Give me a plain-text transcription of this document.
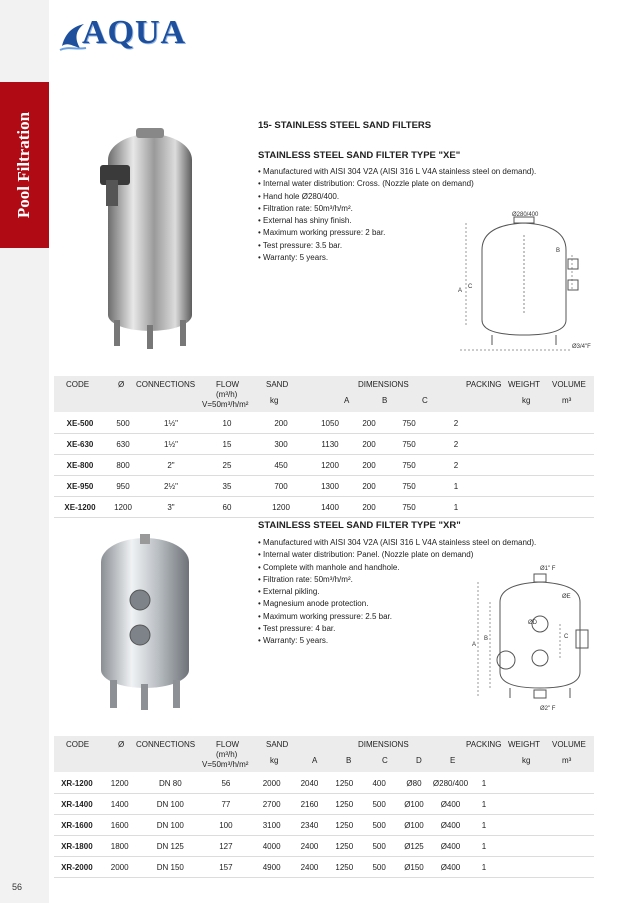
Pool Filtration
56
AQUA
15- STAINLESS STEEL SAND FILTERS
STAINLESS STEEL SAND FILTER TYPE "XE"
• Manufactured with AISI 304 V2A (AISI 316 L V4A stainless steel on demand).
• Internal water distribution: Cross. (Nozzle plate on demand)
• Hand hole Ø280/400.
• Filtration rate: 50m³/h/m².
• External has shiny finish.
• Maximum working pressure: 2 bar.
• Test pressure: 3.5 bar.
• Warranty: 5 years.
Ø280/400
Ø3/4"F
A
B
C
CODE	Ø CONNECTIONS	FLOW
(m³/h)
V=50m³/h/m²
SAND
kg
DIMENSIONS
A	B	C
PACKING WEIGHT
kg
VOLUME
m³
XE-500	500	1½"	10	200	1050	200	750	2	
XE-630	630	1½"	15	300	1130	200	750	2	
XE-800	800	2"	25	450	1200	200	750	2	
XE-950	950	2½"	35	700	1300	200	750	1	
XE-1200	1200	3"	60	1200	1400	200	750	1	
STAINLESS STEEL SAND FILTER TYPE "XR"
• Manufactured with AISI 304 V2A (AISI 316 L V4A stainless steel on demand).
• Internal water distribution: Panel. (Nozzle plate on demand)
• Complete with manhole and handhole.
• Filtration rate: 50m³/h/m².
• External pikling.
• Magnesium anode protection.
• Maximum working pressure: 2.5 bar.
• Test pressure: 4 bar.
• Warranty: 5 years.
Ø1" F
Ø2" F
A
B	C
ØD
ØE
CODE	Ø CONNECTIONS	FLOW
(m³/h)
V=50m³/h/m²
SAND
kg
DIMENSIONS
A	B	C	D	E
PACKING WEIGHT
kg
VOLUME
m³
XR-1200	1200	DN 80	56	2000	2040	1250	400	Ø80	Ø280/400	1	
XR-1400	1400	DN 100	77	2700	2160	1250	500	Ø100	Ø400	1	
XR-1600	1600	DN 100	100	3100	2340	1250	500	Ø100	Ø400	1	
XR-1800	1800	DN 125	127	4000	2400	1250	500	Ø125	Ø400	1	
XR-2000	2000	DN 150	157	4900	2400	1250	500	Ø150	Ø400	1	
